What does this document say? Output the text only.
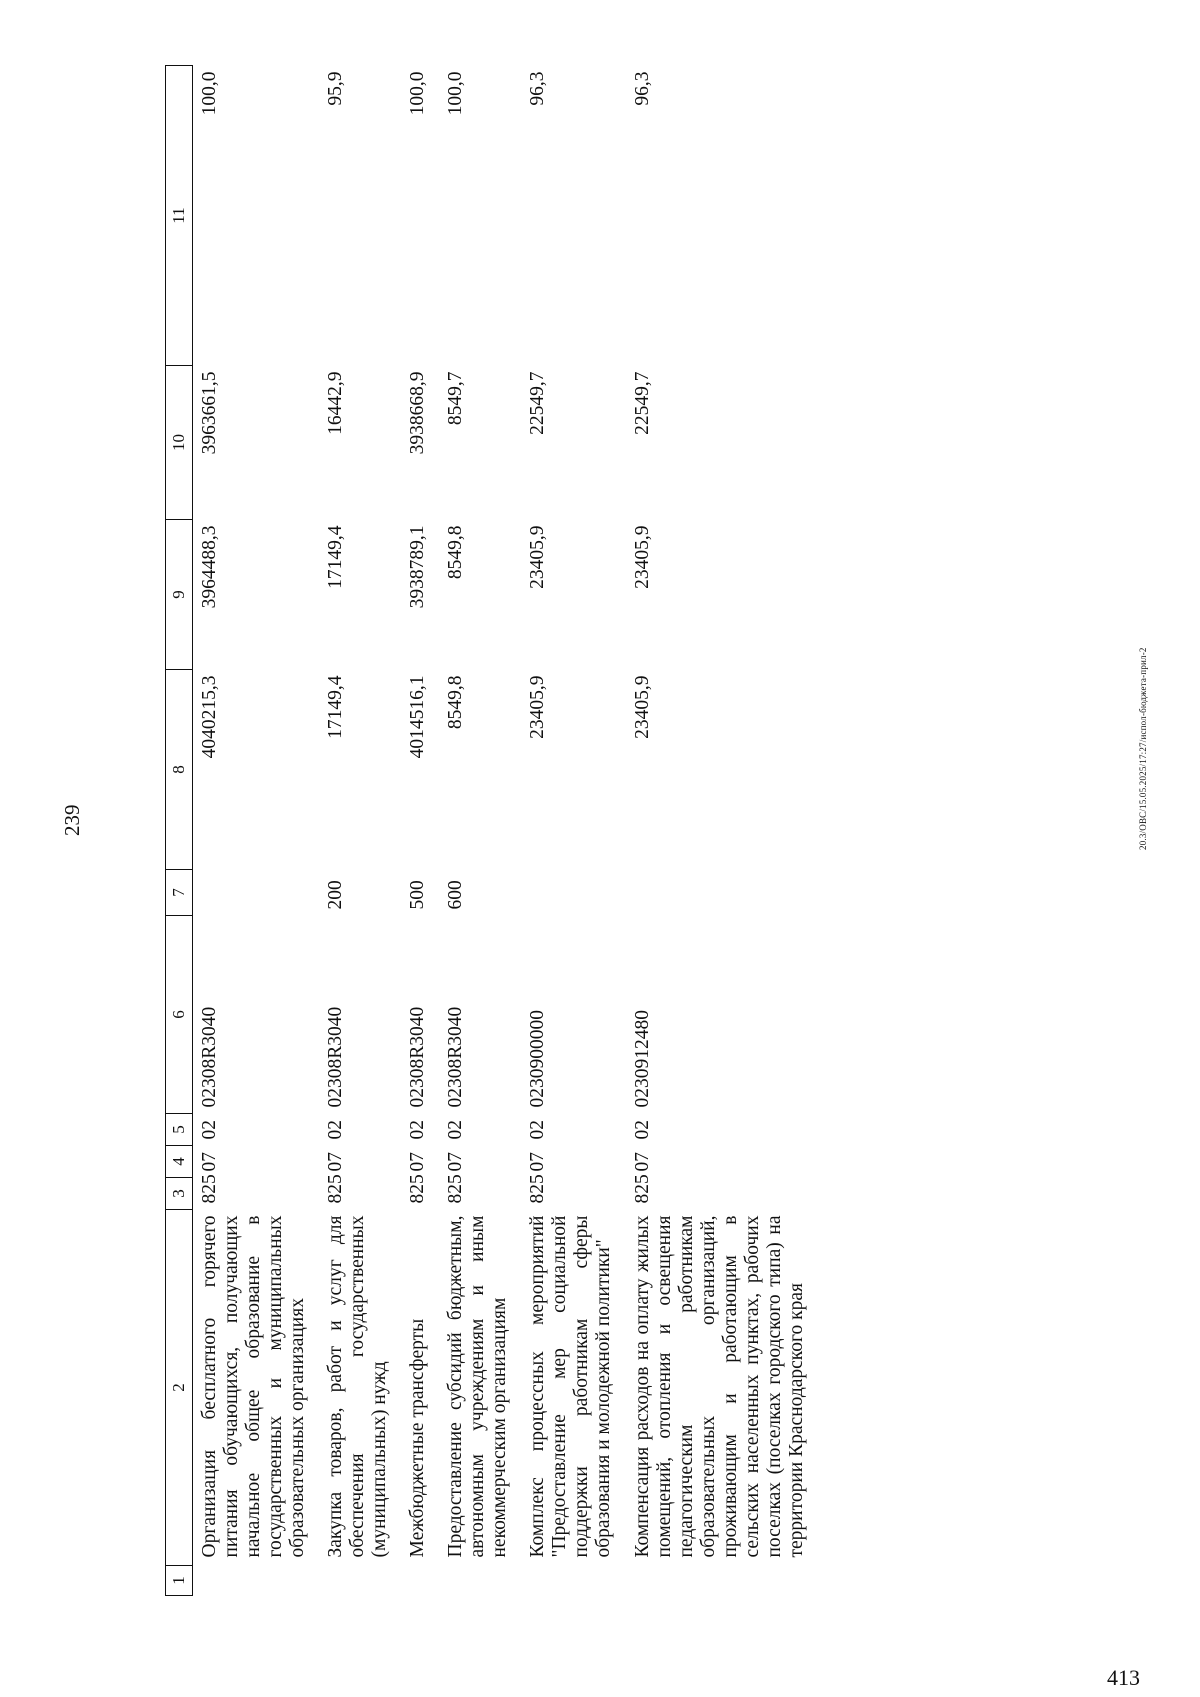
239	20.3/ОВС/15.05.2025/17:27/испол-бюджета-прил-2
413
1	2	3	4	5	6	7	8	9	10	11
	Организация бесплатного горячего питания обучающихся, получающих начальное общее образование в государственных и муниципальных образовательных организациях	825	07	02	02308R3040		4040215,3	3964488,3	3963661,5	100,0
	Закупка товаров, работ и услуг для обеспечения государственных (муниципальных) нужд	825	07	02	02308R3040	200	17149,4	17149,4	16442,9	95,9
	Межбюджетные трансферты	825	07	02	02308R3040	500	4014516,1	3938789,1	3938668,9	100,0
	Предоставление субсидий бюджетным, автономным учреждениям и иным некоммерческим организациям	825	07	02	02308R3040	600	8549,8	8549,8	8549,7	100,0
	Комплекс процессных мероприятий "Предоставление мер социальной поддержки работникам сферы образования и молодежной политики"	825	07	02	0230900000		23405,9	23405,9	22549,7	96,3
	Компенсация расходов на оплату жилых помещений, отопления и освещения педагогическим работникам образовательных организаций, проживающим и работающим в сельских населенных пунктах, рабочих поселках (поселках городского типа) на территории Краснодарского края	825	07	02	0230912480		23405,9	23405,9	22549,7	96,3
